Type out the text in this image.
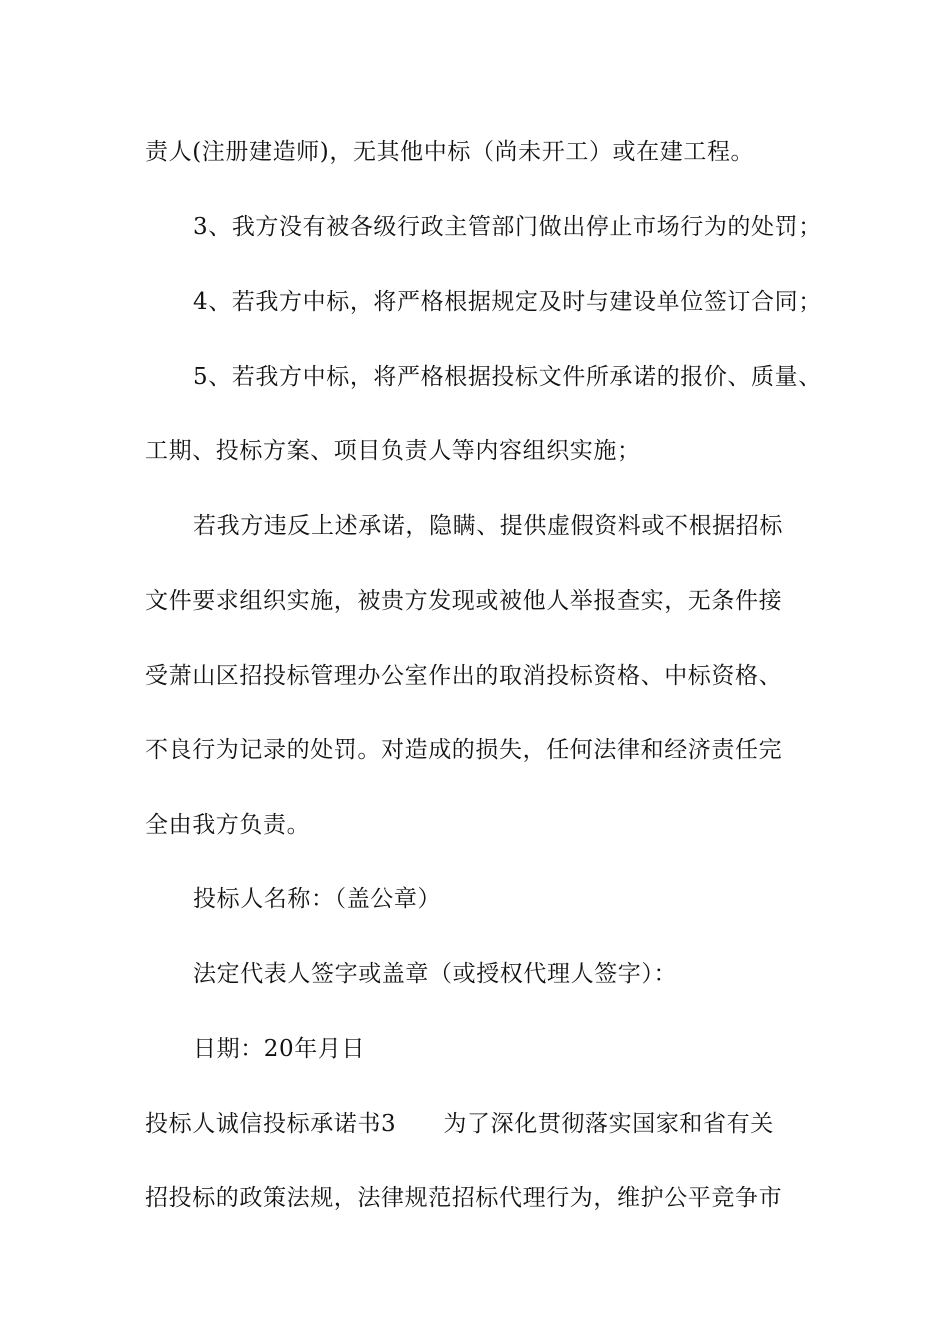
责人(注册建造师)，无其他中标（尚未开工）或在建工程。
3、我方没有被各级行政主管部门做出停止市场行为的处罚；
4、若我方中标，将严格根据规定及时与建设单位签订合同；
5、若我方中标，将严格根据投标文件所承诺的报价、质量、
工期、投标方案、项目负责人等内容组织实施；
若我方违反上述承诺，隐瞒、提供虚假资料或不根据招标
文件要求组织实施，被贵方发现或被他人举报查实，无条件接
受萧山区招投标管理办公室作出的取消投标资格、中标资格、
不良行为记录的处罚。对造成的损失，任何法律和经济责任完
全由我方负责。
投标人名称：（盖公章）
法定代表人签字或盖章（或授权代理人签字）：
日期：20年月日
投标人诚信投标承诺书3　　为了深化贯彻落实国家和省有关
招投标的政策法规，法律规范招标代理行为，维护公平竞争市
